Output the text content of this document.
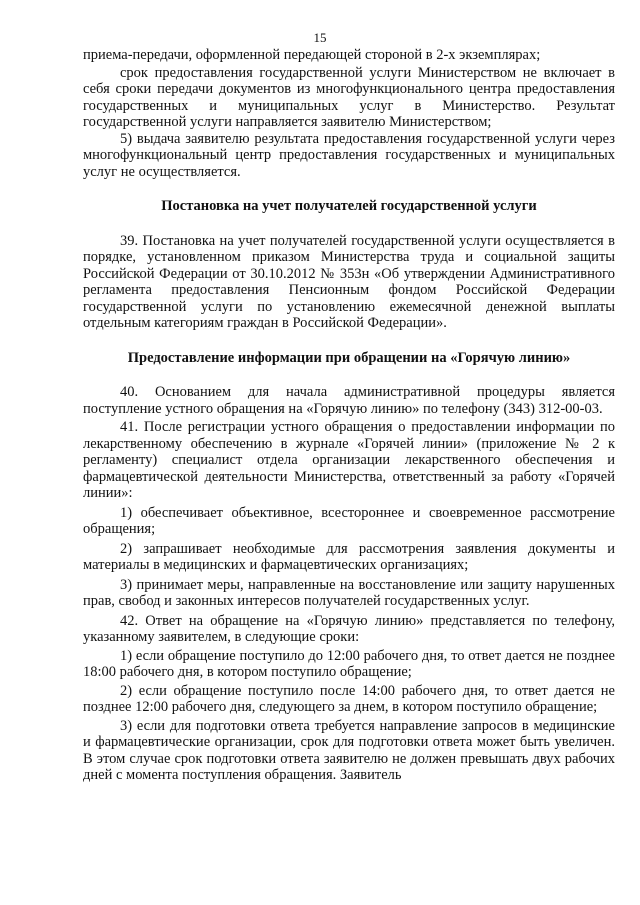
15

приема-передачи, оформленной передающей стороной в 2-х экземплярах;

срок предоставления государственной услуги Министерством не включает в себя сроки передачи документов из многофункционального центра предоставления государственных и муниципальных услуг в Министерство. Результат государственной услуги направляется заявителю Министерством;

5) выдача заявителю результата предоставления государственной услуги через многофункциональный центр предоставления государственных и муниципальных услуг не осуществляется.

Постановка на учет получателей государственной услуги

39. Постановка на учет получателей государственной услуги осуществляется в порядке, установленном приказом Министерства труда и социальной защиты Российской Федерации от 30.10.2012 № 353н «Об утверждении Административного регламента предоставления Пенсионным фондом Российской Федерации государственной услуги по установлению ежемесячной денежной выплаты отдельным категориям граждан в Российской Федерации».

Предоставление информации при обращении на «Горячую линию»

40. Основанием для начала административной процедуры является поступление устного обращения на «Горячую линию» по телефону (343) 312-00-03.

41. После регистрации устного обращения о предоставлении информации по лекарственному обеспечению в журнале «Горячей линии» (приложение № 2 к регламенту) специалист отдела организации лекарственного обеспечения и фармацевтической деятельности Министерства, ответственный за работу «Горячей линии»:

1) обеспечивает объективное, всестороннее и своевременное рассмотрение обращения;

2) запрашивает необходимые для рассмотрения заявления документы и материалы в медицинских и фармацевтических организациях;

3) принимает меры, направленные на восстановление или защиту нарушенных прав, свобод и законных интересов получателей государственных услуг.

42. Ответ на обращение на «Горячую линию» представляется по телефону, указанному заявителем, в следующие сроки:

1) если обращение поступило до 12:00 рабочего дня, то ответ дается не позднее 18:00 рабочего дня, в котором поступило обращение;

2) если обращение поступило после 14:00 рабочего дня, то ответ дается не позднее 12:00 рабочего дня, следующего за днем, в котором поступило обращение;

3) если для подготовки ответа требуется направление запросов в медицинские и фармацевтические организации, срок для подготовки ответа может быть увеличен. В этом случае срок подготовки ответа заявителю не должен превышать двух рабочих дней с момента поступления обращения. Заявитель
